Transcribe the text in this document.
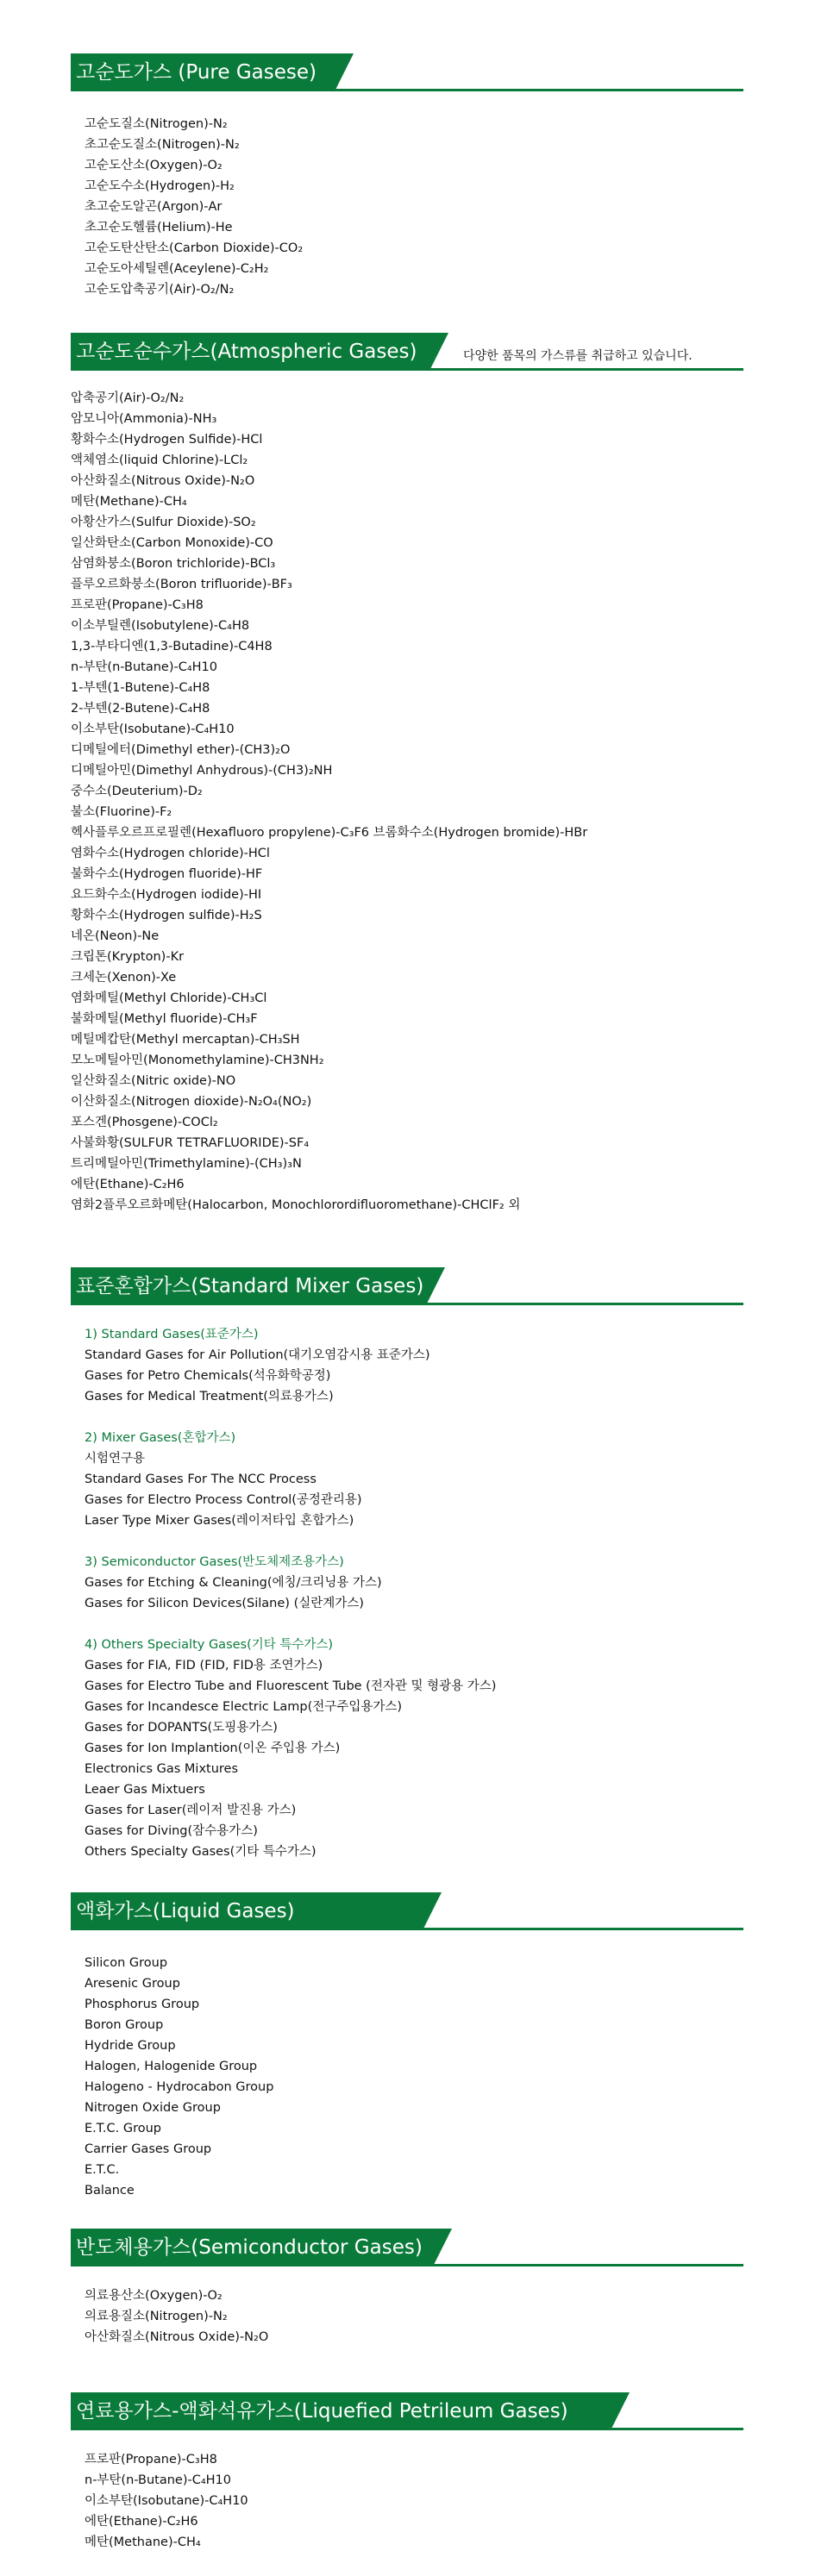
고순도가스 (Pure Gasese)
고순도질소(Nitrogen)-N₂
초고순도질소(Nitrogen)-N₂
고순도산소(Oxygen)-O₂
고순도수소(Hydrogen)-H₂
초고순도알곤(Argon)-Ar
초고순도헬륨(Helium)-He
고순도탄산탄소(Carbon Dioxide)-CO₂
고순도아세틸렌(Aceylene)-C₂H₂
고순도압축공기(Air)-O₂/N₂
고순도순수가스(Atmospheric Gases)	다양한 품목의 가스류를 취급하고 있습니다.
압축공기(Air)-O₂/N₂
암모니아(Ammonia)-NH₃
황화수소(Hydrogen Sulfide)-HCl
액체염소(liquid Chlorine)-LCl₂
아산화질소(Nitrous Oxide)-N₂O
메탄(Methane)-CH₄
아황산가스(Sulfur Dioxide)-SO₂
일산화탄소(Carbon Monoxide)-CO
삼염화붕소(Boron trichloride)-BCl₃
플루오르화붕소(Boron trifluoride)-BF₃
프로판(Propane)-C₃H8
이소부틸렌(Isobutylene)-C₄H8
1,3-부타디엔(1,3-Butadine)-C4H8
n-부탄(n-Butane)-C₄H10
1-부텐(1-Butene)-C₄H8
2-부텐(2-Butene)-C₄H8
이소부탄(Isobutane)-C₄H10
디메틸에터(Dimethyl ether)-(CH3)₂O
디메틸아민(Dimethyl Anhydrous)-(CH3)₂NH
중수소(Deuterium)-D₂
불소(Fluorine)-F₂
헥사플루오르프로필렌(Hexafluoro propylene)-C₃F6 브롬화수소(Hydrogen bromide)-HBr
염화수소(Hydrogen chloride)-HCl
불화수소(Hydrogen fluoride)-HF
요드화수소(Hydrogen iodide)-HI
황화수소(Hydrogen sulfide)-H₂S
네온(Neon)-Ne
크립톤(Krypton)-Kr
크세논(Xenon)-Xe
염화메틸(Methyl Chloride)-CH₃Cl
불화메틸(Methyl fluoride)-CH₃F
메틸메캅탄(Methyl mercaptan)-CH₃SH
모노메틸아민(Monomethylamine)-CH3NH₂
일산화질소(Nitric oxide)-NO
이산화질소(Nitrogen dioxide)-N₂O₄(NO₂)
포스겐(Phosgene)-COCl₂
사불화황(SULFUR TETRAFLUORIDE)-SF₄
트리메틸아민(Trimethylamine)-(CH₃)₃N
에탄(Ethane)-C₂H6
염화2플루오르화메탄(Halocarbon, Monochlorordifluoromethane)-CHClF₂ 외
표준혼합가스(Standard Mixer Gases)
1) Standard Gases(표준가스)
Standard Gases for Air Pollution(대기오염감시용 표준가스)
Gases for Petro Chemicals(석유화학공정)
Gases for Medical Treatment(의료용가스)
2) Mixer Gases(혼합가스)
시험연구용
Standard Gases For The NCC Process
Gases for Electro Process Control(공정관리용)
Laser Type Mixer Gases(레이저타입 혼합가스)
3) Semiconductor Gases(반도체제조용가스)
Gases for Etching & Cleaning(에칭/크리닝용 가스)
Gases for Silicon Devices(Silane) (실란계가스)
4) Others Specialty Gases(기타 특수가스)
Gases for FIA, FID (FID, FID용 조연가스)
Gases for Electro Tube and Fluorescent Tube (전자관 및 형광용 가스)
Gases for Incandesce Electric Lamp(전구주입용가스)
Gases for DOPANTS(도핑용가스)
Gases for Ion Implantion(이온 주입용 가스)
Electronics Gas Mixtures
Leaer Gas Mixtuers
Gases for Laser(레이저 발진용 가스)
Gases for Diving(잠수용가스)
Others Specialty Gases(기타 특수가스)
액화가스(Liquid Gases)
Silicon Group
Aresenic Group
Phosphorus Group
Boron Group
Hydride Group
Halogen, Halogenide Group
Halogeno - Hydrocabon Group
Nitrogen Oxide Group
E.T.C. Group
Carrier Gases Group
E.T.C.
Balance
반도체용가스(Semiconductor Gases)
의료용산소(Oxygen)-O₂
의료용질소(Nitrogen)-N₂
아산화질소(Nitrous Oxide)-N₂O
연료용가스-액화석유가스(Liquefied Petrileum Gases)
프로판(Propane)-C₃H8
n-부탄(n-Butane)-C₄H10
이소부탄(Isobutane)-C₄H10
에탄(Ethane)-C₂H6
메탄(Methane)-CH₄
